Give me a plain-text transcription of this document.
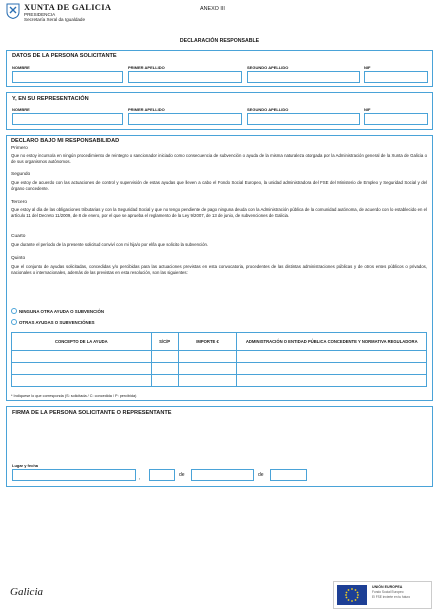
XUNTA DE GALICIA
PRESIDENCIA
Secretaría Xeral da Igualdade
ANEXO III
DECLARACIÓN RESPONSABLE
DATOS DE LA PERSONA SOLICITANTE
NOMBRE	PRIMER APELLIDO	SEGUNDO APELLIDO	NIF
Y, EN SU REPRESENTACIÓN
NOMBRE	PRIMER APELLIDO	SEGUNDO APELLIDO	NIF
DECLARO BAJO MI RESPONSABILIDAD
Primero
Que no estoy incurso/a en ningún procedimiento de reintegro o sancionador iniciado como consecuencia de subvención o ayuda de la misma naturaleza otorgada por la Administración general de la Xunta de Galicia o de sus organismos autónomos.
Segundo
Que estoy de acuerdo con las actuaciones de control y supervisión de estas ayudas que lleven a cabo el Fondo Social Europeo, la unidad administradora del FSE del Ministerio de Empleo y Seguridad Social y del órgano concedente.
Tercero
Que estoy al día de las obligaciones tributarias y con la Seguridad Social y que no tengo pendiente de pago ninguna deuda con la Administración pública de la comunidad autónoma, de acuerdo con lo establecido en el artículo 11 del Decreto 11/2009, de 8 de enero, por el que se aprueba el reglamento de la Ley 9/2007, de 13 de junio, de subvenciones de Galicia.
Cuarto
Que durante el período de la presente solicitud conviví con mi hija/o por el/la que solicito la subvención.
Quinto
Que el conjunto de ayudas solicitadas, concedidas y/o percibidas para las actuaciones previstas en esta convocatoria, procedentes de las distintas administraciones públicas y de otros entes públicos o privados, nacionales o internacionales, además de las previstas en esta resolución, son las siguientes:
NINGUNA OTRA AYUDA O SUBVENCIÓN
OTRAS AYUDAS O SUBVENCIÓNES
CONCEPTO DE LA AYUDA	S/C/P	IMPORTE €	ADMINISTRACIÓN O ENTIDAD PÚBLICA CONCEDENTE Y NORMATIVA REGULADORA

* Indíquese lo que corresponda (S: solicitada / C: concedida / P: percibida)
FIRMA DE LA PERSONA SOLICITANTE O REPRESENTANTE
Lugar y fecha
,	de	de
Galicia	UNIÓN EUROPEA
Fondo Social Europeo
El FSE invierte en tu futuro
